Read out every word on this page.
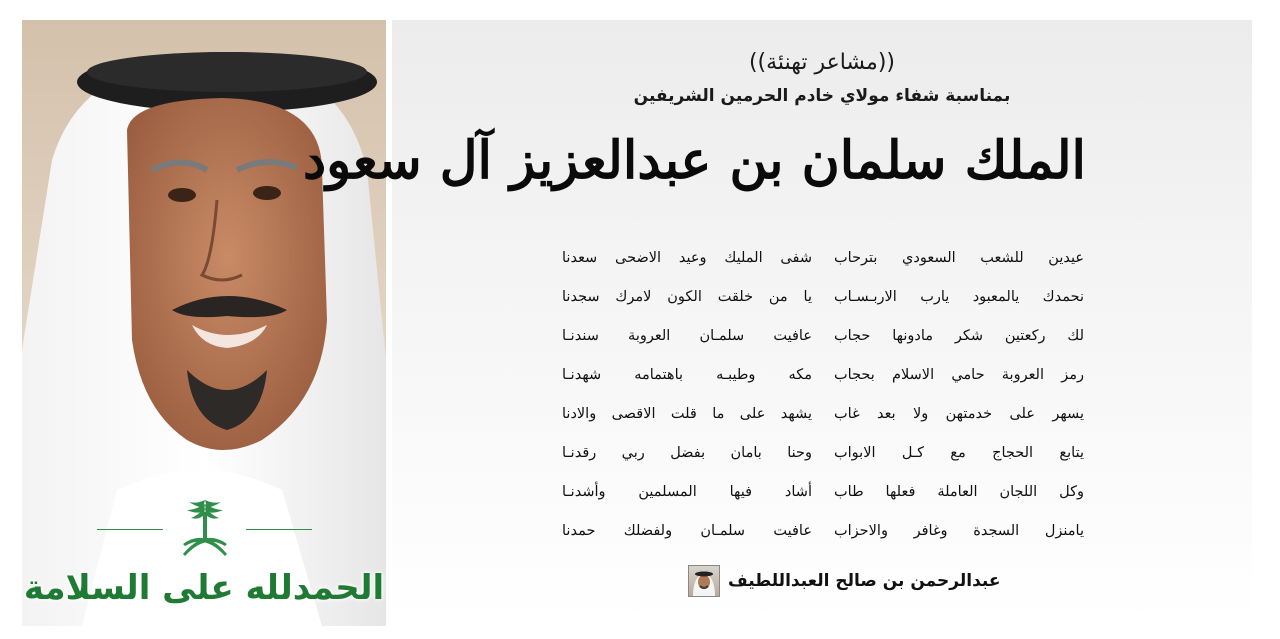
الحمدلله على السلامة
((مشاعر تهنئة))
بمناسبة شفاء مولاي خادم الحرمين الشريفين
الملك سلمان بن عبدالعزيز آل سعود
عيدين للشعب السعودي بترحاب
شفى المليك وعيد الاضحى سعدنا
نحمدك يالمعبود يارب الاربـسـاب
يا من خلقت الكون لامرك سجدنا
لك ركعتين شكر مادونها حجاب
عافيت سلمـان العروبة سندنـا
رمز العروبة حامي الاسلام بحجاب
مكه وطيبـه باهتمامه شهدنـا
يسهر على خدمتهن ولا بعد غاب
يشهد على ما قلت الاقصى والادنا
يتابع الحجاج مع كـل الابواب
وحنا بامان بفضل ربي رقدنـا
وكل اللجان العاملة فعلها طاب
أشاد فيها المسلمين وأشدنـا
يامنزل السجدة وغافر والاحزاب
عافيت سلمـان ولفضلك حمدنا
عبدالرحمن بن صالح العبداللطيف
